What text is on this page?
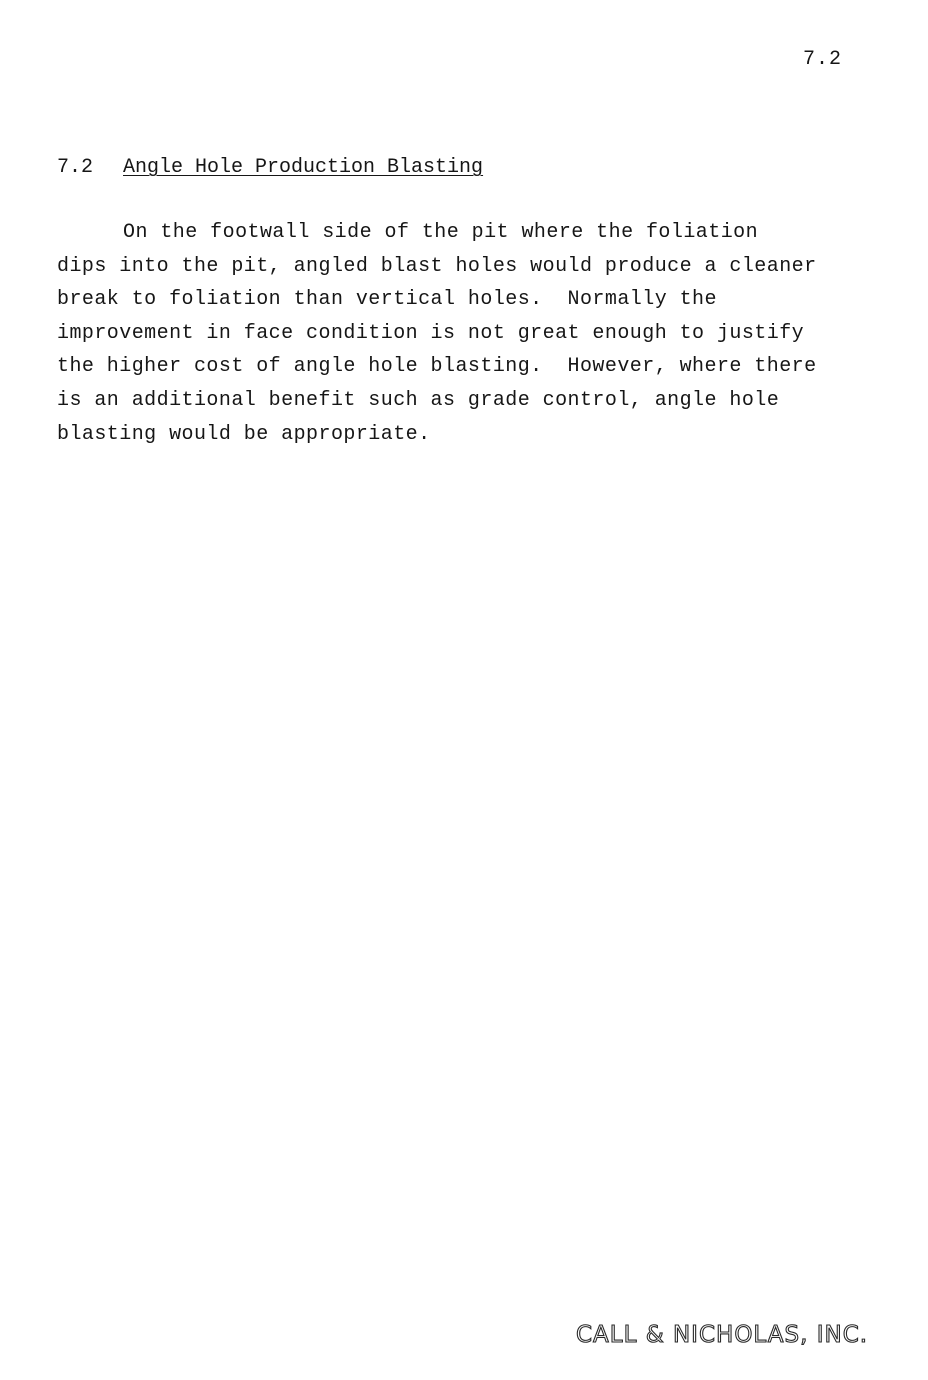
7.2
7.2 Angle Hole Production Blasting
On the footwall side of the pit where the foliation
dips into the pit, angled blast holes would produce a cleaner
break to foliation than vertical holes.  Normally the
improvement in face condition is not great enough to justify
the higher cost of angle hole blasting.  However, where there
is an additional benefit such as grade control, angle hole
blasting would be appropriate.
CALL & NICHOLAS, INC.
